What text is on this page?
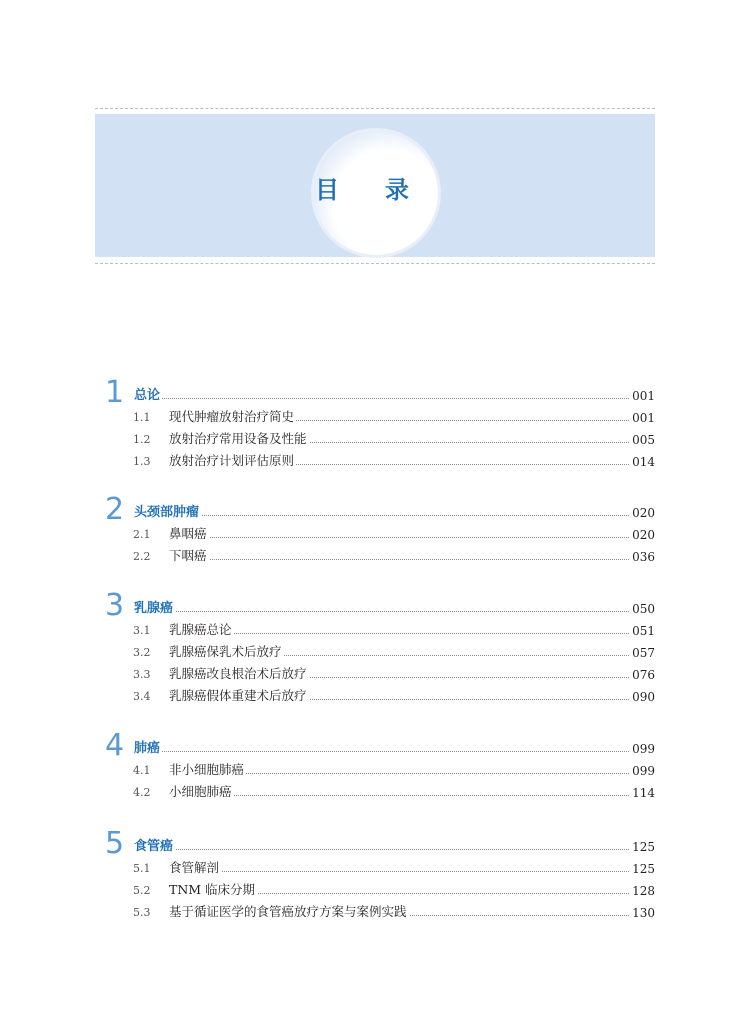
目录
1 总论	001
1.1 现代肿瘤放射治疗简史	001
1.2 放射治疗常用设备及性能	005
1.3 放射治疗计划评估原则	014
2 头颈部肿瘤	020
2.1 鼻咽癌	020
2.2 下咽癌	036
3 乳腺癌	050
3.1 乳腺癌总论	051
3.2 乳腺癌保乳术后放疗	057
3.3 乳腺癌改良根治术后放疗	076
3.4 乳腺癌假体重建术后放疗	090
4 肺癌	099
4.1 非小细胞肺癌	099
4.2 小细胞肺癌	114
5 食管癌	125
5.1 食管解剖	125
5.2 TNM 临床分期	128
5.3 基于循证医学的食管癌放疗方案与案例实践	130
